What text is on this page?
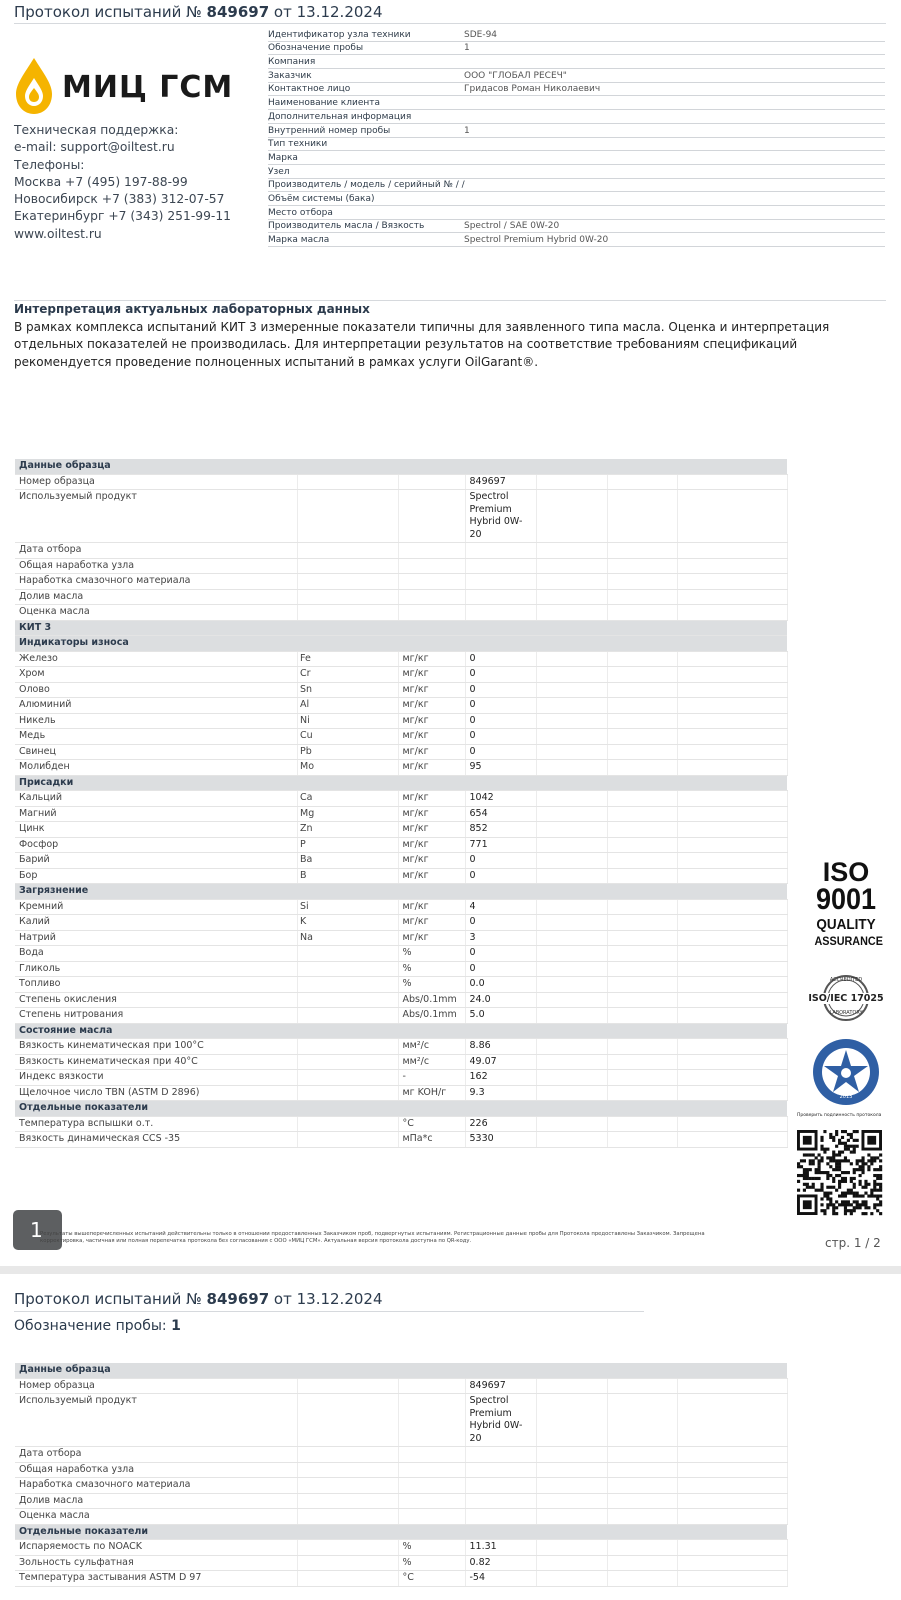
Протокол испытаний № 849697 от 13.12.2024
МИЦ ГСМ
Техническая поддержка:
e-mail: support@oiltest.ru
Телефоны:
Москва +7 (495) 197-88-99
Новосибирск +7 (383) 312-07-57
Екатеринбург +7 (343) 251-99-11
www.oiltest.ru
Идентификатор узла техники	SDE-94
Обозначение пробы	1
Компания
Заказчик	ООО "ГЛОБАЛ РЕСЕЧ"
Контактное лицо	Гридасов Роман Николаевич
Наименование клиента
Дополнительная информация
Внутренний номер пробы	1
Тип техники
Марка
Узел
Производитель / модель / серийный № / /
Объём системы (бака)
Место отбора
Производитель масла / Вязкость	Spectrol / SAE 0W-20
Марка масла	Spectrol Premium Hybrid 0W-20
Интерпретация актуальных лабораторных данных

В рамках комплекса испытаний КИТ 3 измеренные показатели типичны для заявленного типа масла. Оценка и интерпретация отдельных показателей не производилась. Для интерпретации результатов на соответствие требованиям спецификаций рекомендуется проведение полноценных испытаний в рамках услуги OilGarant®.

Данные образца						
Номер образца			849697			
Используемый продукт			Spectrol Premium Hybrid 0W-20			
Дата отбора						
Общая наработка узла						
Наработка смазочного материала						
Долив масла						
Оценка масла						
КИТ 3						
Индикаторы износа						
Железо Fe		мг/кг	0			
Хром Cr		мг/кг	0			
Олово Sn		мг/кг	0			
Алюминий Al		мг/кг	0			
Никель Ni		мг/кг	0			
Медь Cu		мг/кг	0			
Свинец Pb		мг/кг	0			
Молибден Mo		мг/кг	95			
Присадки						
Кальций Ca		мг/кг	1042			
Магний Mg		мг/кг	654			
Цинк Zn		мг/кг	852			
Фосфор P		мг/кг	771			
Барий Ba		мг/кг	0			
Бор B		мг/кг	0			
Загрязнение						
Кремний Si		мг/кг	4			
Калий K		мг/кг	0			
Натрий Na		мг/кг	3			
Вода		%	0			
Гликоль		%	0			
Топливо		%	0.0			
Степень окисления		Abs/0.1mm	24.0			
Степень нитрования		Abs/0.1mm	5.0			
Состояние масла						
Вязкость кинематическая при 100°C		мм²/с	8.86			
Вязкость кинематическая при 40°C		мм²/с	49.07			
Индекс вязкости		-	162			
Щелочное число TBN (ASTM D 2896)		мг KOH/г	9.3			
Отдельные показатели						
Температура вспышки о.т.		°C	226			
Вязкость динамическая CCS -35		мПа*с	5330			
ISO
9001
QUALITY
ASSURANCE
ACCREDITED
ISO/IEC 17025
LABORATORY
2013
Проверить подлинность протокола
1
Результаты вышеперечисленных испытаний действительны только в отношении предоставленных Заказчиком проб, подвергнутых испытаниям. Регистрационные данные пробы для Протокола предоставлены Заказчиком. Запрещена корректировка, частичная или полная перепечатка протокола без согласования с ООО «МИЦ ГСМ». Актуальная версия протокола доступна по QR-коду.	стр. 1 / 2
Протокол испытаний № 849697 от 13.12.2024
Обозначение пробы: 1
Данные образца						
Номер образца			849697			
Используемый продукт			Spectrol Premium Hybrid 0W-20			
Дата отбора						
Общая наработка узла						
Наработка смазочного материала						
Долив масла						
Оценка масла						
Отдельные показатели						
Испаряемость по NOACK		%	11.31			
Зольность сульфатная		%	0.82			
Температура застывания ASTM D 97		°C	-54			
